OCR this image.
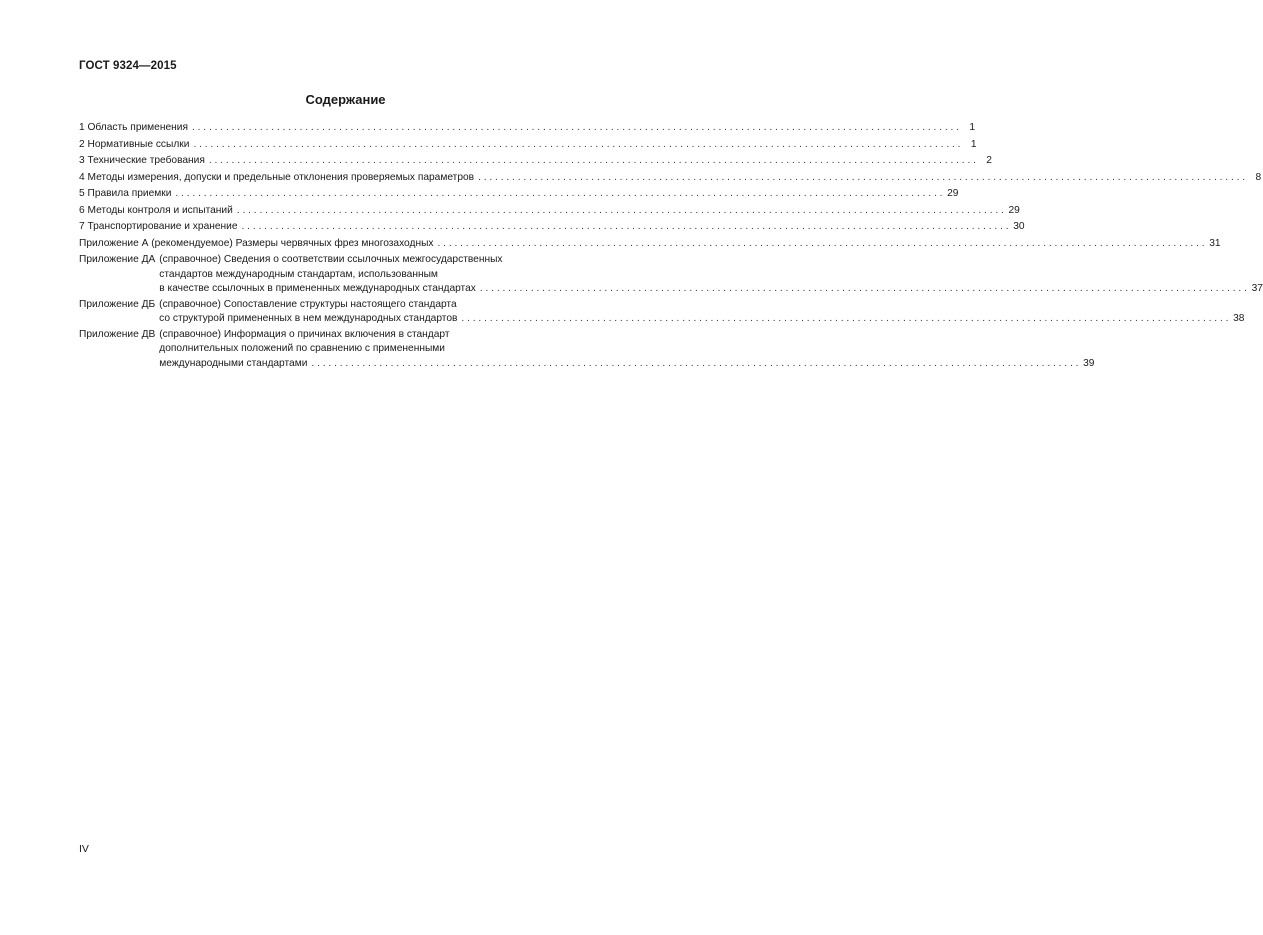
ГОСТ 9324—2015
Содержание
1 Область применения . . .	1
2 Нормативные ссылки . . .	1
3 Технические требования . . .	2
4 Методы измерения, допуски и предельные отклонения проверяемых параметров . . .	8
5 Правила приемки . . .	29
6 Методы контроля и испытаний . . .	29
7 Транспортирование и хранение . . .	30
Приложение А (рекомендуемое) Размеры червячных фрез многозаходных . . .	31
Приложение ДА (справочное) Сведения о соответствии ссылочных межгосударственных
стандартов международным стандартам, использованным
в качестве ссылочных в примененных международных стандартах . . .	37
Приложение ДБ (справочное) Сопоставление структуры настоящего стандарта
со структурой примененных в нем международных стандартов . . .	38
Приложение ДВ (справочное) Информация о причинах включения в стандарт
дополнительных положений по сравнению с примененными
международными стандартами . . .	39
IV
